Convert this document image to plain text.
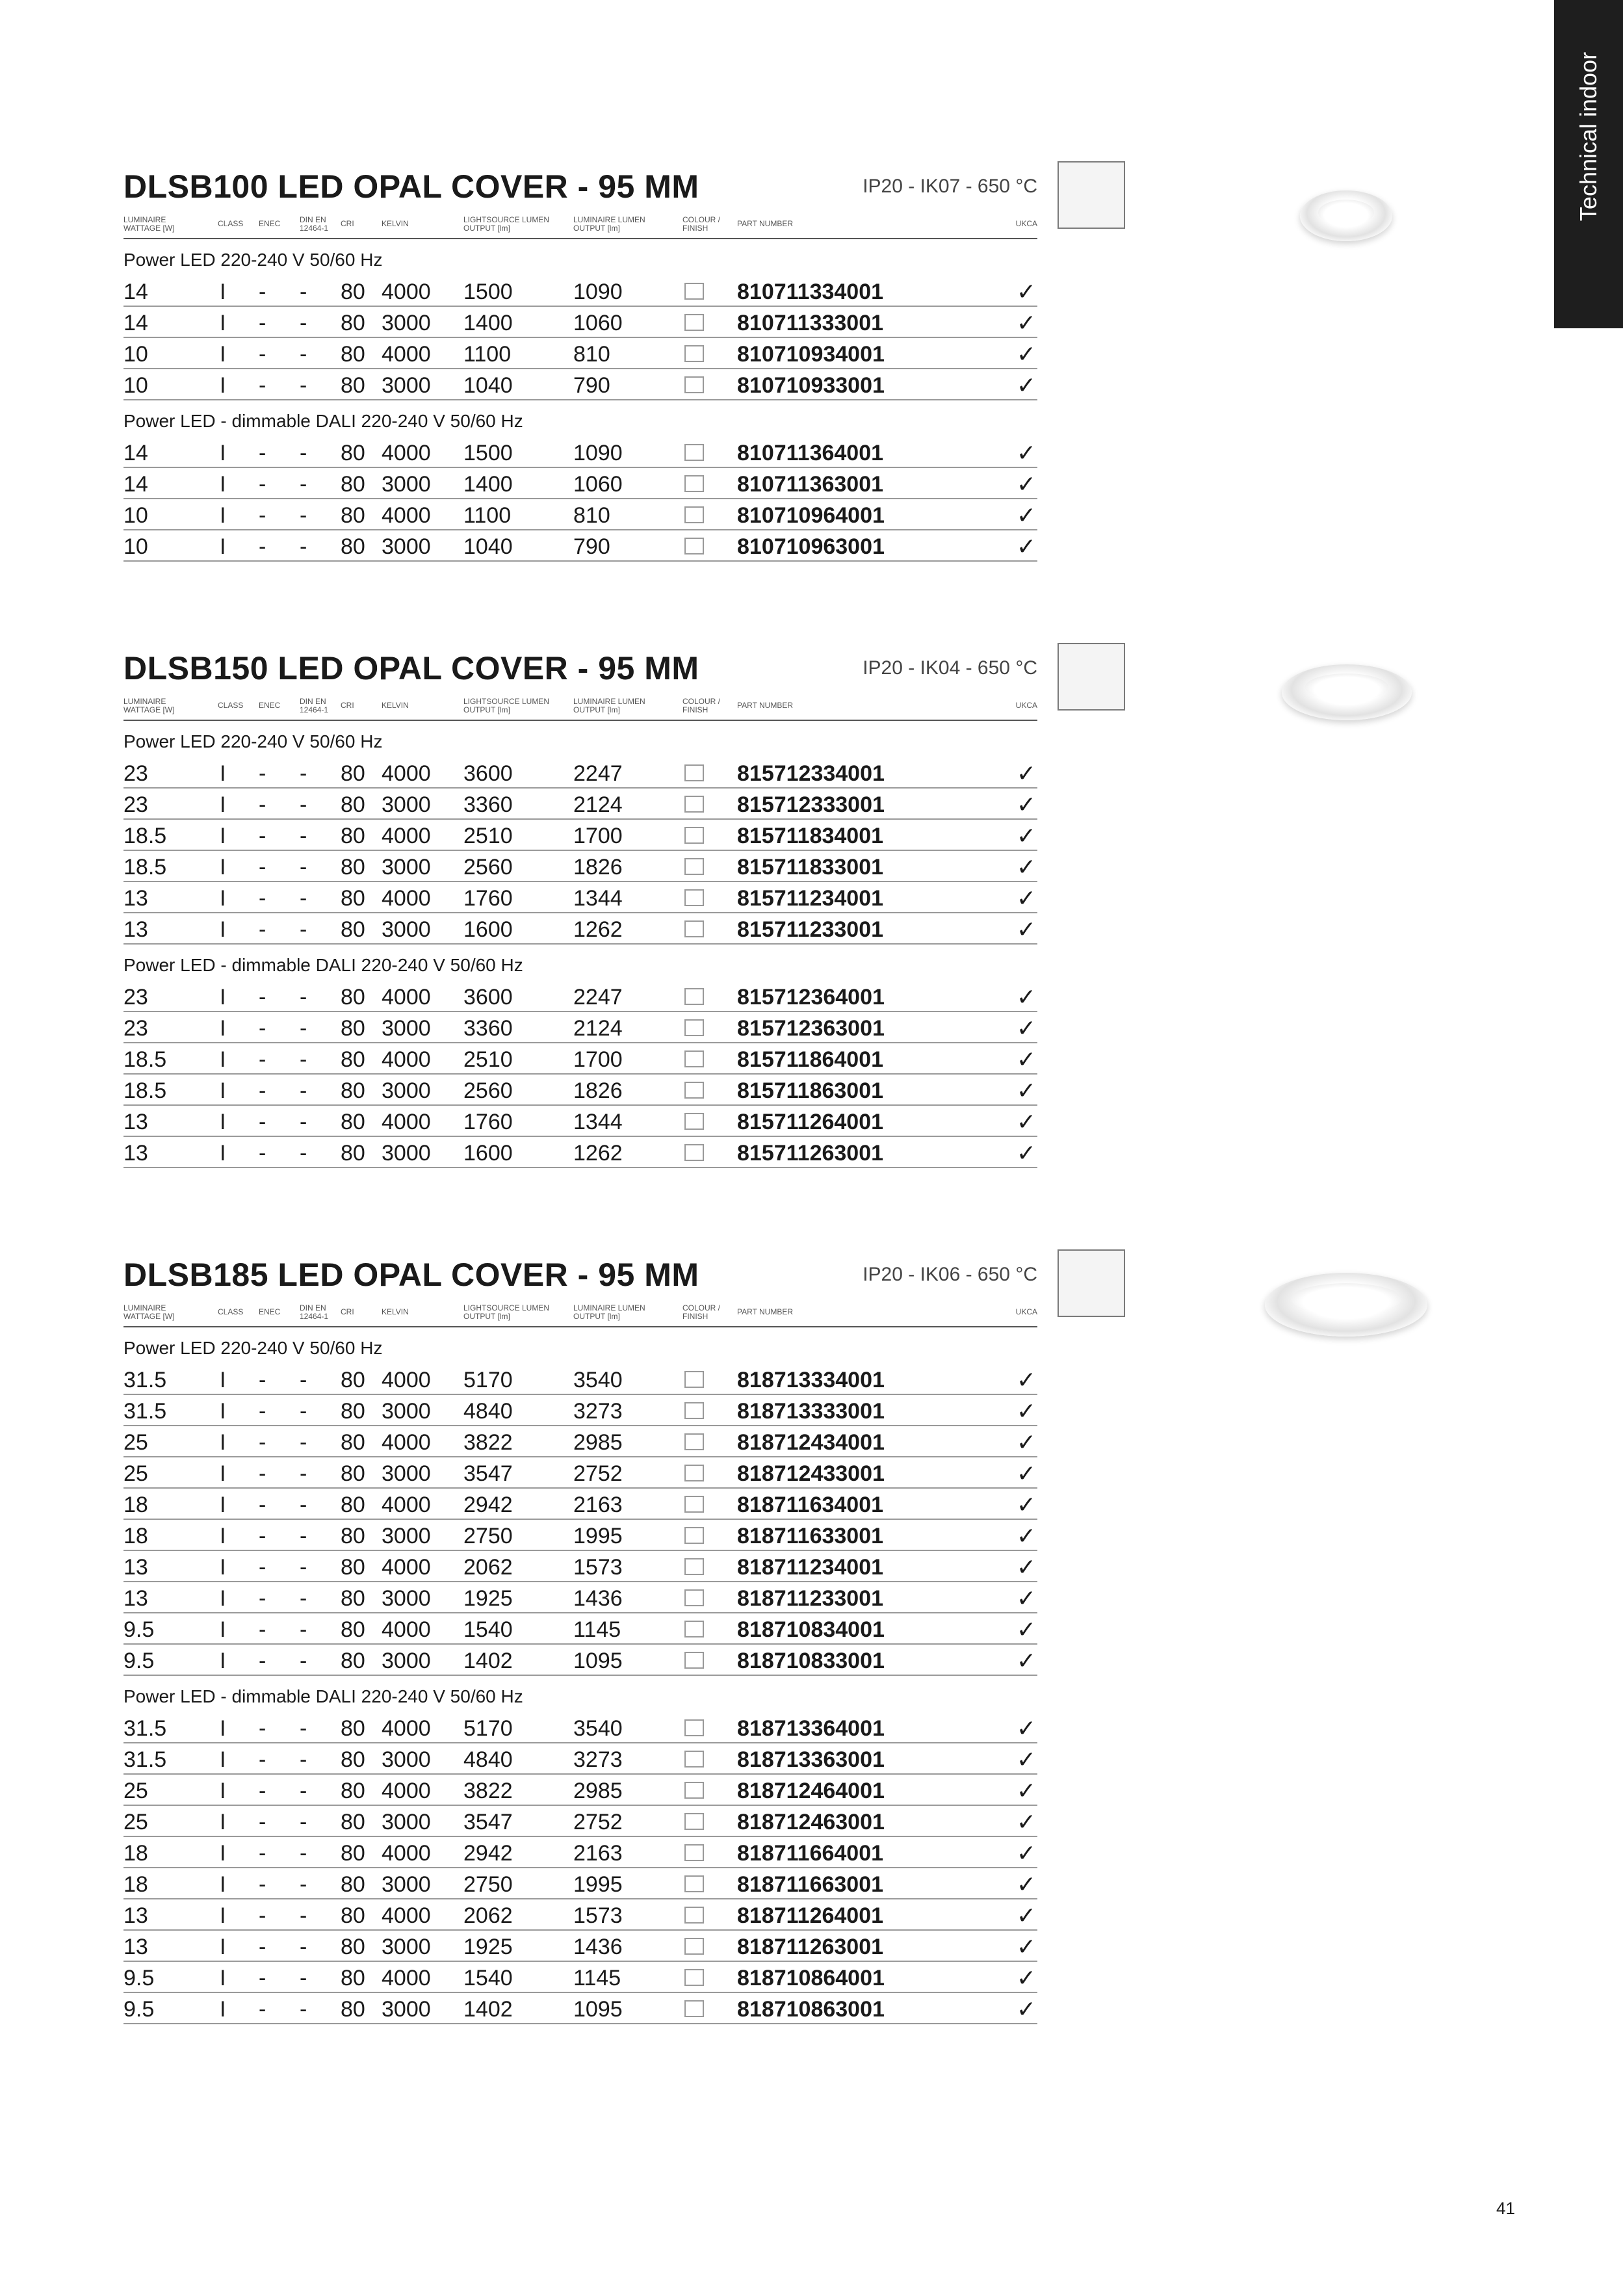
Technical indoor
DLSB100 LED OPAL COVER - 95 MM	IP20 - IK07 - 650 °C
LUMINAIRE
WATTAGE [W]	CLASS ENEC DIN EN
12464-1 CRI	KELVIN	LIGHTSOURCE LUMEN
OUTPUT [lm]
LUMINAIRE LUMEN
OUTPUT [lm]
COLOUR /
FINISH	PART NUMBER	UKCA
Power LED 220-240 V 50/60 Hz
14	I - - 80 4000 1500	1090	810711334001	✓
14	I - - 80 3000 1400	1060	810711333001	✓
10	I - - 80 4000 1100	810	810710934001	✓
10	I - - 80 3000 1040	790	810710933001	✓
Power LED - dimmable DALI 220-240 V 50/60 Hz
14	I - - 80 4000 1500	1090	810711364001	✓
14	I - - 80 3000 1400	1060	810711363001	✓
10	I - - 80 4000 1100	810	810710964001	✓
10	I - - 80 3000 1040	790	810710963001	✓
DLSB150 LED OPAL COVER - 95 MM	IP20 - IK04 - 650 °C
LUMINAIRE
WATTAGE [W]	CLASS ENEC DIN EN
12464-1 CRI	KELVIN	LIGHTSOURCE LUMEN
OUTPUT [lm]
LUMINAIRE LUMEN
OUTPUT [lm]
COLOUR /
FINISH	PART NUMBER	UKCA
Power LED 220-240 V 50/60 Hz
23	I - - 80 4000 3600	2247	815712334001	✓
23	I - - 80 3000 3360	2124	815712333001	✓
18.5 I - - 80 4000 2510	1700	815711834001	✓
18.5 I - - 80 3000 2560	1826	815711833001	✓
13	I - - 80 4000 1760	1344	815711234001	✓
13	I - - 80 3000 1600	1262	815711233001	✓
Power LED - dimmable DALI 220-240 V 50/60 Hz
23	I - - 80 4000 3600	2247	815712364001	✓
23	I - - 80 3000 3360	2124	815712363001	✓
18.5 I - - 80 4000 2510	1700	815711864001	✓
18.5 I - - 80 3000 2560	1826	815711863001	✓
13	I - - 80 4000 1760	1344	815711264001	✓
13	I - - 80 3000 1600	1262	815711263001	✓
DLSB185 LED OPAL COVER - 95 MM	IP20 - IK06 - 650 °C
LUMINAIRE
WATTAGE [W]	CLASS ENEC DIN EN
12464-1 CRI	KELVIN	LIGHTSOURCE LUMEN
OUTPUT [lm]
LUMINAIRE LUMEN
OUTPUT [lm]
COLOUR /
FINISH	PART NUMBER	UKCA
Power LED 220-240 V 50/60 Hz
31.5 I - - 80 4000 5170	3540	818713334001	✓
31.5 I - - 80 3000 4840	3273	818713333001	✓
25	I - - 80 4000 3822	2985	818712434001	✓
25	I - - 80 3000 3547	2752	818712433001	✓
18	I - - 80 4000 2942	2163	818711634001	✓
18	I - - 80 3000 2750	1995	818711633001	✓
13	I - - 80 4000 2062	1573	818711234001	✓
13	I - - 80 3000 1925	1436	818711233001	✓
9.5	I - - 80 4000 1540	1145	818710834001	✓
9.5	I - - 80 3000 1402	1095	818710833001	✓
Power LED - dimmable DALI 220-240 V 50/60 Hz
31.5 I - - 80 4000 5170	3540	818713364001	✓
31.5 I - - 80 3000 4840	3273	818713363001	✓
25	I - - 80 4000 3822	2985	818712464001	✓
25	I - - 80 3000 3547	2752	818712463001	✓
18	I - - 80 4000 2942	2163	818711664001	✓
18	I - - 80 3000 2750	1995	818711663001	✓
13	I - - 80 4000 2062	1573	818711264001	✓
13	I - - 80 3000 1925	1436	818711263001	✓
9.5	I - - 80 4000 1540	1145	818710864001	✓
9.5	I - - 80 3000 1402	1095	818710863001	✓
41
